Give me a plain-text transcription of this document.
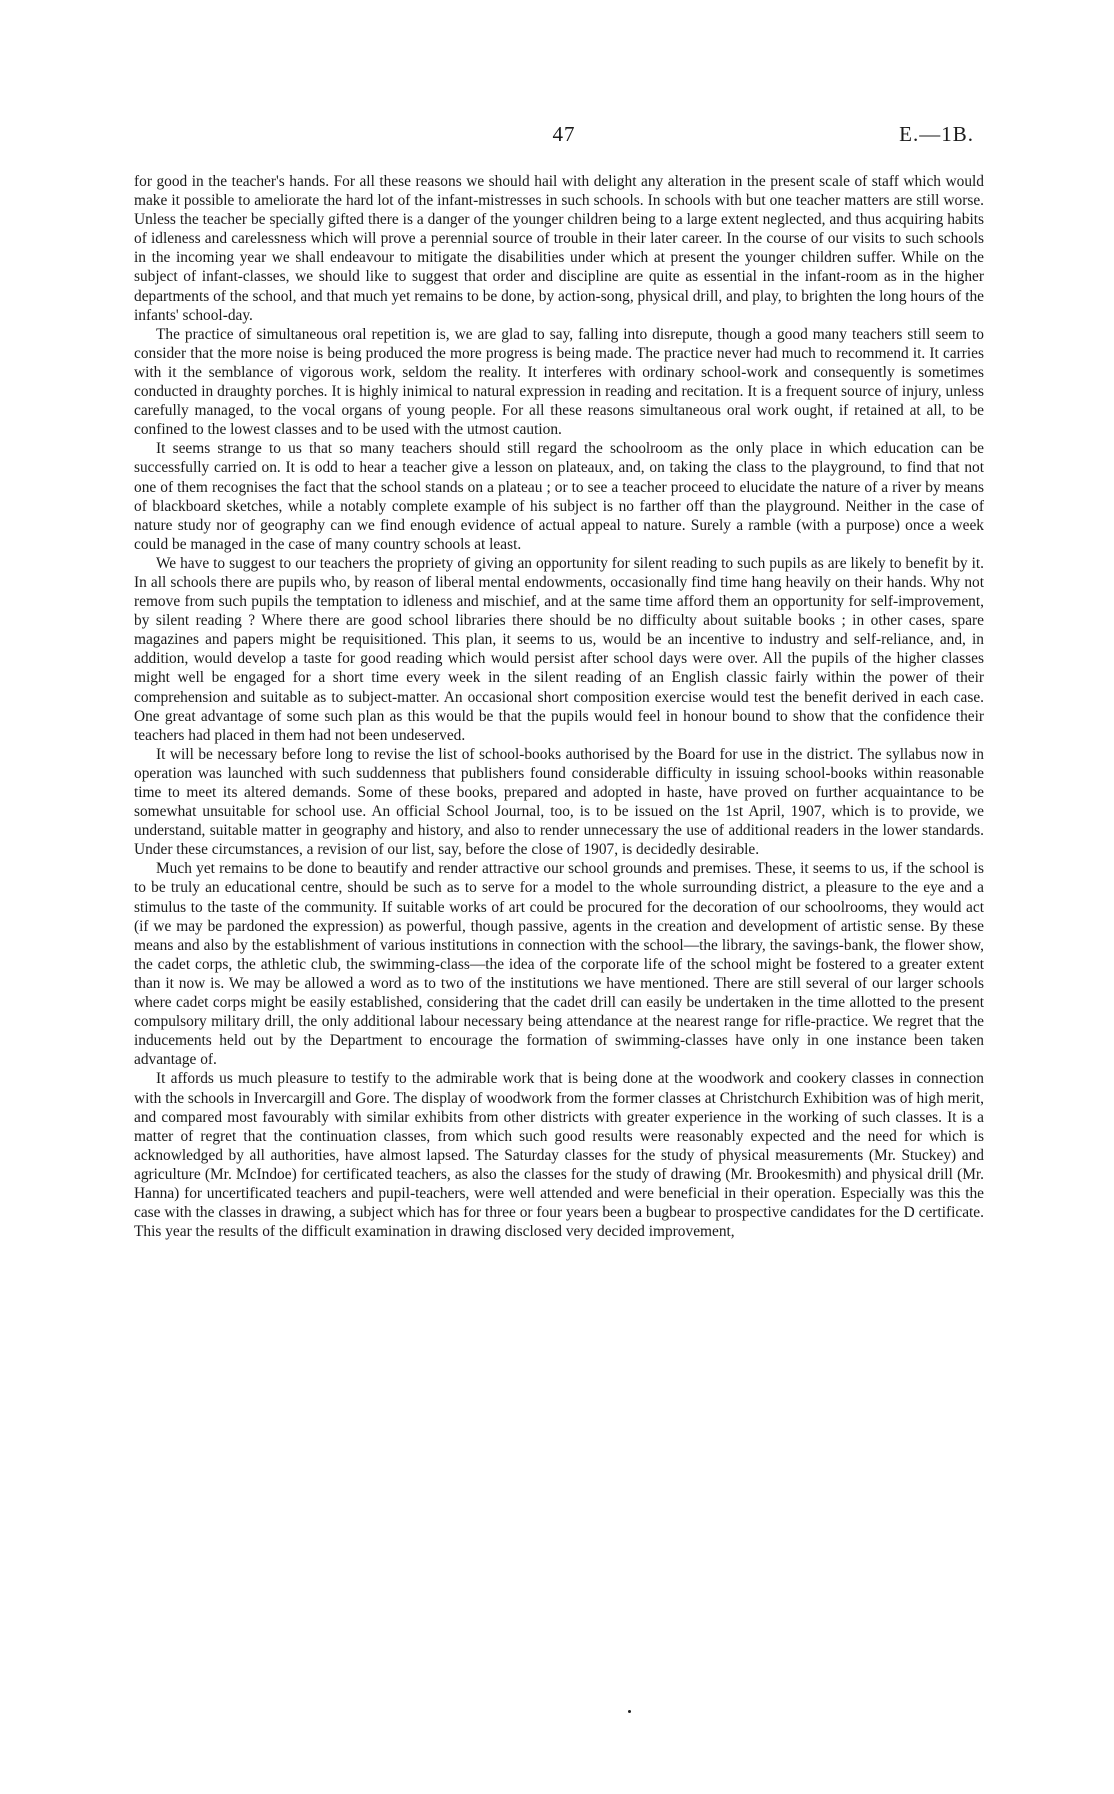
47	E.—1B.

for good in the teacher's hands. For all these reasons we should hail with delight any alteration in the present scale of staff which would make it possible to ameliorate the hard lot of the infant-mistresses in such schools. In schools with but one teacher matters are still worse. Unless the teacher be specially gifted there is a danger of the younger children being to a large extent neglected, and thus acquiring habits of idleness and carelessness which will prove a perennial source of trouble in their later career. In the course of our visits to such schools in the incoming year we shall endeavour to mitigate the disabilities under which at present the younger children suffer. While on the subject of infant-classes, we should like to suggest that order and discipline are quite as essential in the infant-room as in the higher departments of the school, and that much yet remains to be done, by action-song, physical drill, and play, to brighten the long hours of the infants' school-day.

The practice of simultaneous oral repetition is, we are glad to say, falling into disrepute, though a good many teachers still seem to consider that the more noise is being produced the more progress is being made. The practice never had much to recommend it. It carries with it the semblance of vigorous work, seldom the reality. It interferes with ordinary school-work and consequently is sometimes conducted in draughty porches. It is highly inimical to natural expression in reading and recitation. It is a frequent source of injury, unless carefully managed, to the vocal organs of young people. For all these reasons simultaneous oral work ought, if retained at all, to be confined to the lowest classes and to be used with the utmost caution.

It seems strange to us that so many teachers should still regard the schoolroom as the only place in which education can be successfully carried on. It is odd to hear a teacher give a lesson on plateaux, and, on taking the class to the playground, to find that not one of them recognises the fact that the school stands on a plateau ; or to see a teacher proceed to elucidate the nature of a river by means of blackboard sketches, while a notably complete example of his subject is no farther off than the playground. Neither in the case of nature study nor of geography can we find enough evidence of actual appeal to nature. Surely a ramble (with a purpose) once a week could be managed in the case of many country schools at least.

We have to suggest to our teachers the propriety of giving an opportunity for silent reading to such pupils as are likely to benefit by it. In all schools there are pupils who, by reason of liberal mental endowments, occasionally find time hang heavily on their hands. Why not remove from such pupils the temptation to idleness and mischief, and at the same time afford them an opportunity for self-improvement, by silent reading ? Where there are good school libraries there should be no difficulty about suitable books ; in other cases, spare magazines and papers might be requisitioned. This plan, it seems to us, would be an incentive to industry and self-reliance, and, in addition, would develop a taste for good reading which would persist after school days were over. All the pupils of the higher classes might well be engaged for a short time every week in the silent reading of an English classic fairly within the power of their comprehension and suitable as to subject-matter. An occasional short composition exercise would test the benefit derived in each case. One great advantage of some such plan as this would be that the pupils would feel in honour bound to show that the confidence their teachers had placed in them had not been undeserved.

It will be necessary before long to revise the list of school-books authorised by the Board for use in the district. The syllabus now in operation was launched with such suddenness that publishers found considerable difficulty in issuing school-books within reasonable time to meet its altered demands. Some of these books, prepared and adopted in haste, have proved on further acquaintance to be somewhat unsuitable for school use. An official School Journal, too, is to be issued on the 1st April, 1907, which is to provide, we understand, suitable matter in geography and history, and also to render unnecessary the use of additional readers in the lower standards. Under these circumstances, a revision of our list, say, before the close of 1907, is decidedly desirable.

Much yet remains to be done to beautify and render attractive our school grounds and premises. These, it seems to us, if the school is to be truly an educational centre, should be such as to serve for a model to the whole surrounding district, a pleasure to the eye and a stimulus to the taste of the community. If suitable works of art could be procured for the decoration of our schoolrooms, they would act (if we may be pardoned the expression) as powerful, though passive, agents in the creation and development of artistic sense. By these means and also by the establishment of various institutions in connection with the school—the library, the savings-bank, the flower show, the cadet corps, the athletic club, the swimming-class—the idea of the corporate life of the school might be fostered to a greater extent than it now is. We may be allowed a word as to two of the institutions we have mentioned. There are still several of our larger schools where cadet corps might be easily established, considering that the cadet drill can easily be undertaken in the time allotted to the present compulsory military drill, the only additional labour necessary being attendance at the nearest range for rifle-practice. We regret that the inducements held out by the Department to encourage the formation of swimming-classes have only in one instance been taken advantage of.

It affords us much pleasure to testify to the admirable work that is being done at the woodwork and cookery classes in connection with the schools in Invercargill and Gore. The display of woodwork from the former classes at Christchurch Exhibition was of high merit, and compared most favourably with similar exhibits from other districts with greater experience in the working of such classes. It is a matter of regret that the continuation classes, from which such good results were reasonably expected and the need for which is acknowledged by all authorities, have almost lapsed. The Saturday classes for the study of physical measurements (Mr. Stuckey) and agriculture (Mr. McIndoe) for certificated teachers, as also the classes for the study of drawing (Mr. Brookesmith) and physical drill (Mr. Hanna) for uncertificated teachers and pupil-teachers, were well attended and were beneficial in their operation. Especially was this the case with the classes in drawing, a subject which has for three or four years been a bugbear to prospective candidates for the D certificate. This year the results of the difficult examination in drawing disclosed very decided improvement,
